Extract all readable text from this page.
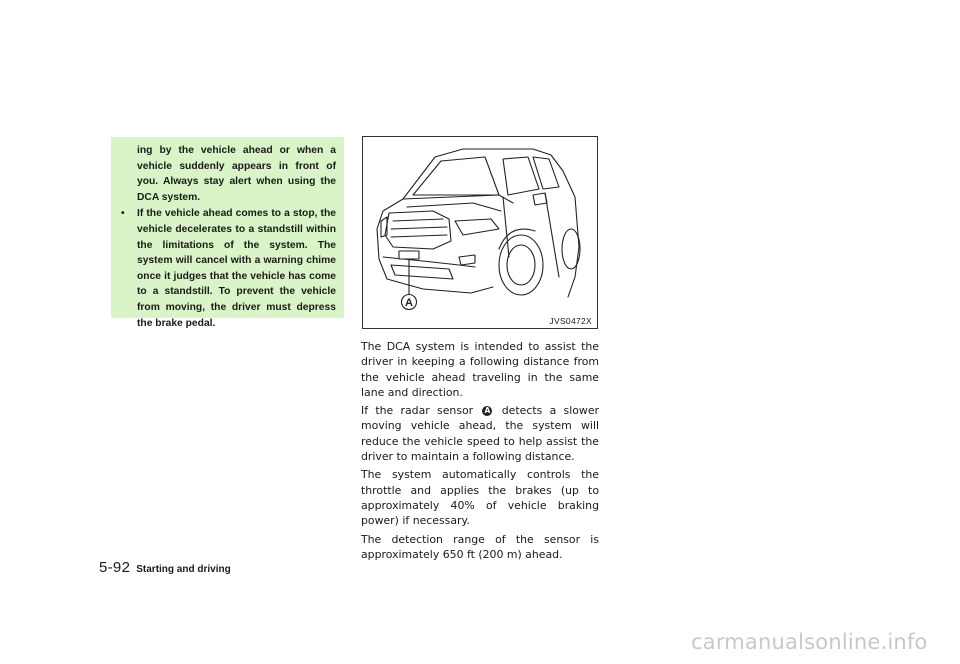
ing by the vehicle ahead or when a vehicle suddenly appears in front of you. Always stay alert when using the DCA system.
• If the vehicle ahead comes to a stop, the vehicle decelerates to a standstill within the limitations of the system. The system will cancel with a warning chime once it judges that the vehicle has come to a standstill. To prevent the vehicle from moving, the driver must depress the brake pedal.
A
JVS0472X

The DCA system is intended to assist the driver in keeping a following distance from the vehicle ahead traveling in the same lane and direction.

If the radar sensor A detects a slower moving vehicle ahead, the system will reduce the vehicle speed to help assist the driver to maintain a following distance.

The system automatically controls the throttle and applies the brakes (up to approximately 40% of vehicle braking power) if necessary.

The detection range of the sensor is approximately 650 ft (200 m) ahead.

5-92 Starting and driving
carmanualsonline.info
